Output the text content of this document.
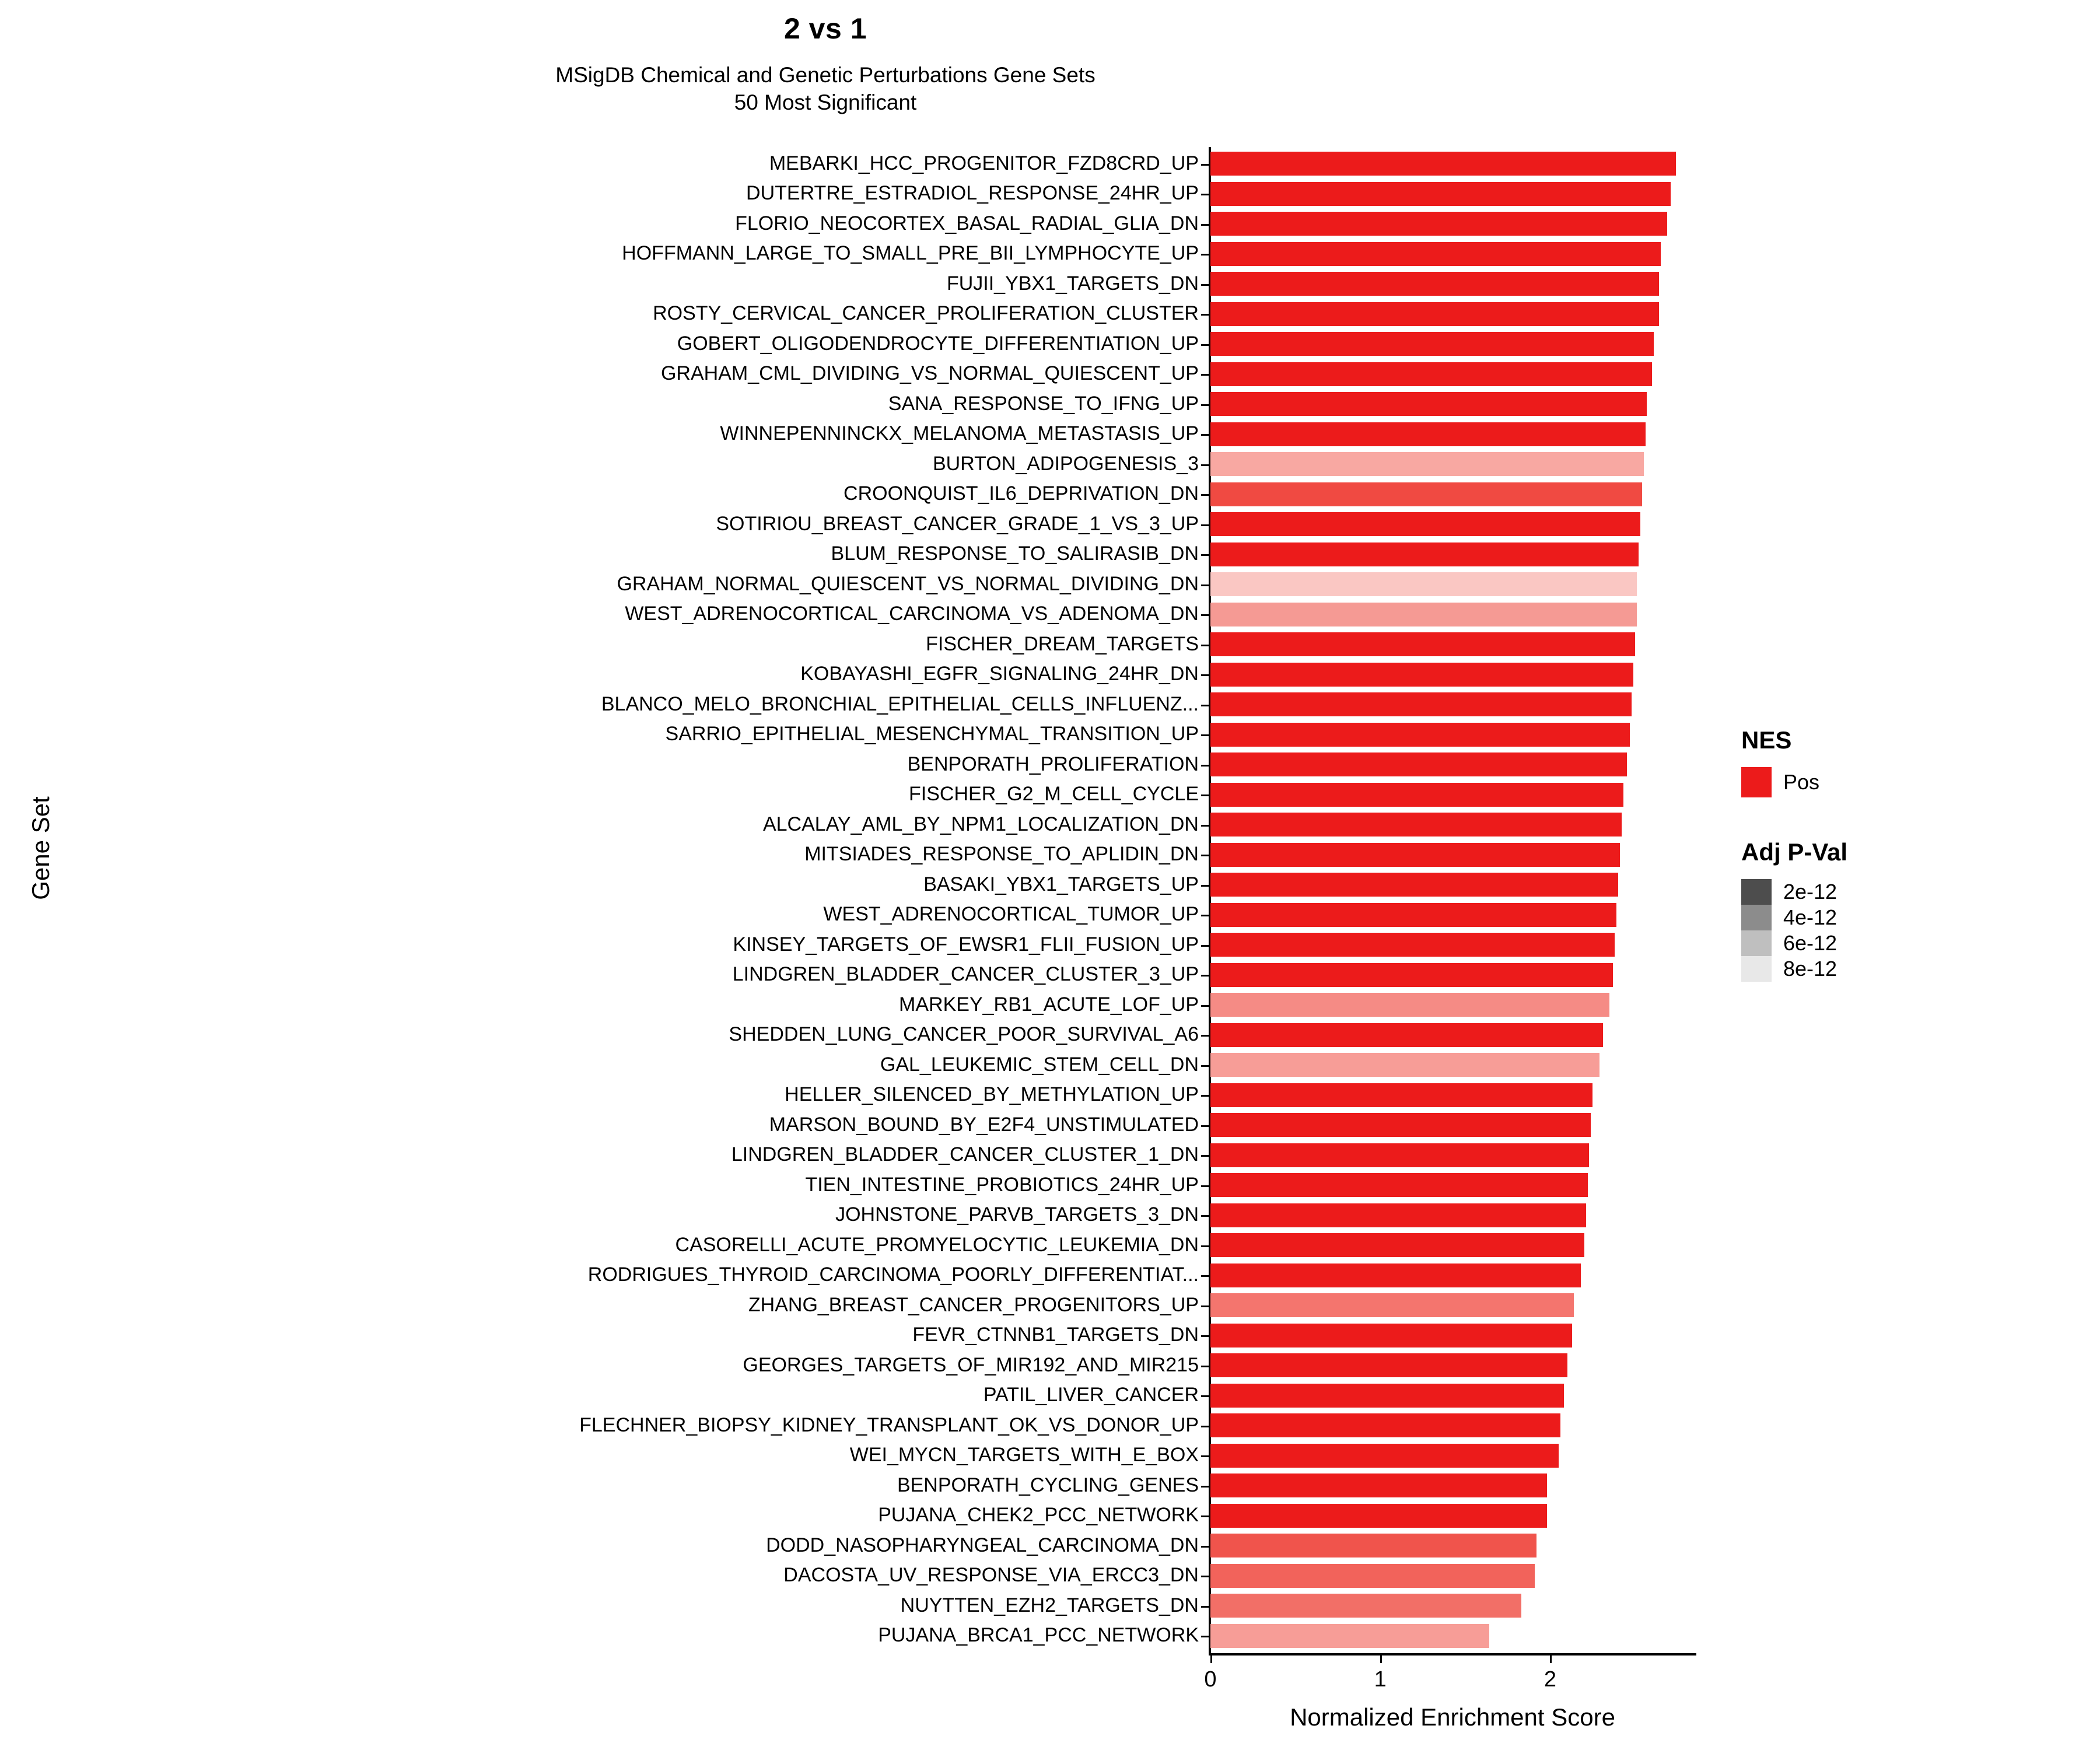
2 vs 1
MSigDB Chemical and Genetic Perturbations Gene Sets
50 Most Significant
Gene Set
MEBARKI_HCC_PROGENITOR_FZD8CRD_UP
DUTERTRE_ESTRADIOL_RESPONSE_24HR_UP
FLORIO_NEOCORTEX_BASAL_RADIAL_GLIA_DN
HOFFMANN_LARGE_TO_SMALL_PRE_BII_LYMPHOCYTE_UP
FUJII_YBX1_TARGETS_DN
ROSTY_CERVICAL_CANCER_PROLIFERATION_CLUSTER
GOBERT_OLIGODENDROCYTE_DIFFERENTIATION_UP
GRAHAM_CML_DIVIDING_VS_NORMAL_QUIESCENT_UP
SANA_RESPONSE_TO_IFNG_UP
WINNEPENNINCKX_MELANOMA_METASTASIS_UP
BURTON_ADIPOGENESIS_3
CROONQUIST_IL6_DEPRIVATION_DN
SOTIRIOU_BREAST_CANCER_GRADE_1_VS_3_UP
BLUM_RESPONSE_TO_SALIRASIB_DN
GRAHAM_NORMAL_QUIESCENT_VS_NORMAL_DIVIDING_DN
WEST_ADRENOCORTICAL_CARCINOMA_VS_ADENOMA_DN
FISCHER_DREAM_TARGETS
KOBAYASHI_EGFR_SIGNALING_24HR_DN
BLANCO_MELO_BRONCHIAL_EPITHELIAL_CELLS_INFLUENZ...
SARRIO_EPITHELIAL_MESENCHYMAL_TRANSITION_UP
BENPORATH_PROLIFERATION
FISCHER_G2_M_CELL_CYCLE
ALCALAY_AML_BY_NPM1_LOCALIZATION_DN
MITSIADES_RESPONSE_TO_APLIDIN_DN
BASAKI_YBX1_TARGETS_UP
WEST_ADRENOCORTICAL_TUMOR_UP
KINSEY_TARGETS_OF_EWSR1_FLII_FUSION_UP
LINDGREN_BLADDER_CANCER_CLUSTER_3_UP
MARKEY_RB1_ACUTE_LOF_UP
SHEDDEN_LUNG_CANCER_POOR_SURVIVAL_A6
GAL_LEUKEMIC_STEM_CELL_DN
HELLER_SILENCED_BY_METHYLATION_UP
MARSON_BOUND_BY_E2F4_UNSTIMULATED
LINDGREN_BLADDER_CANCER_CLUSTER_1_DN
TIEN_INTESTINE_PROBIOTICS_24HR_UP
JOHNSTONE_PARVB_TARGETS_3_DN
CASORELLI_ACUTE_PROMYELOCYTIC_LEUKEMIA_DN
RODRIGUES_THYROID_CARCINOMA_POORLY_DIFFERENTIAT...
ZHANG_BREAST_CANCER_PROGENITORS_UP
FEVR_CTNNB1_TARGETS_DN
GEORGES_TARGETS_OF_MIR192_AND_MIR215
PATIL_LIVER_CANCER
FLECHNER_BIOPSY_KIDNEY_TRANSPLANT_OK_VS_DONOR_UP
WEI_MYCN_TARGETS_WITH_E_BOX
BENPORATH_CYCLING_GENES
PUJANA_CHEK2_PCC_NETWORK
DODD_NASOPHARYNGEAL_CARCINOMA_DN
DACOSTA_UV_RESPONSE_VIA_ERCC3_DN
NUYTTEN_EZH2_TARGETS_DN
PUJANA_BRCA1_PCC_NETWORK
0	1	2
Normalized Enrichment Score
NES
Pos
Adj P-Val
2e-12
4e-12
6e-12
8e-12
